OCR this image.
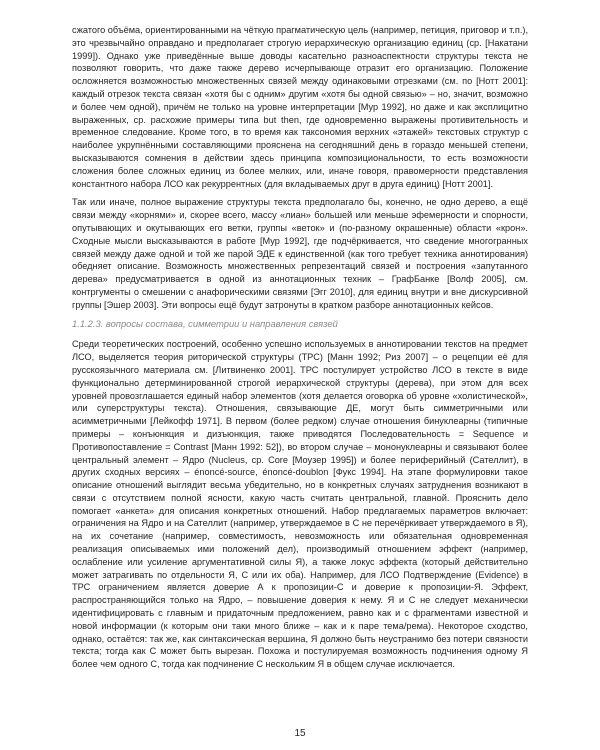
сжатого объёма, ориентированными на чёткую прагматическую цель (например, петиция, приговор и т.п.), это чрезвычайно оправдано и предполагает строгую иерархическую организацию единиц (ср. [Накатани 1999]). Однако уже приведённые выше доводы касательно разноаспектности структуры текста не позволяют говорить, что даже также дерево исчерпывающе отразит его организацию. Положение осложняется возможностью множественных связей между одинаковыми отрезками (см. по [Нотт 2001]: каждый отрезок текста связан «хотя бы с одним» другим «хотя бы одной связью» – но, значит, возможно и более чем одной), причём не только на уровне интерпретации [Мур 1992], но даже и как эксплицитно выраженных, ср. расхожие примеры типа but then, где одновременно выражены противительность и временное следование. Кроме того, в то время как таксономия верхних «этажей» текстовых структур с наиболее укрупнёнными составляющими прояснена на сегодняшний день в гораздо меньшей степени, высказываются сомнения в действии здесь принципа композициональности, то есть возможности сложения более сложных единиц из более мелких, или, иначе говоря, правомерности представления константного набора ЛСО как рекуррентных (для вкладываемых друг в друга единиц) [Нотт 2001].

Так или иначе, полное выражение структуры текста предполагало бы, конечно, не одно дерево, а ещё связи между «корнями» и, скорее всего, массу «лиан» большей или меньше эфемерности и спорности, опутывающих и окутывающих его ветки, группы «веток» и (по-разному окрашенные) области «крон». Сходные мысли высказываются в работе [Мур 1992], где подчёркивается, что сведение многогранных связей между даже одной и той же парой ЭДЕ к единственной (как того требует техника аннотирования) обедняет описание. Возможность множественных репрезентаций связей и построения «запутанного дерева» предусматривается в одной из аннотационных техник – ГрафБанке [Волф 2005], см. контргументы о смешении с анафорическими связями [Эгг 2010], для единиц внутри и вне дискурсивной группы [Эшер 2003]. Эти вопросы ещё будут затронуты в кратком разборе аннотационных кейсов.

1.1.2.3. вопросы состава, симметрии и направления связей

Среди теоретических построений, особенно успешно используемых в аннотировании текстов на предмет ЛСО, выделяется теория риторической структуры (ТРС) [Манн 1992; Риз 2007] – о рецепции её для русскоязычного материала см. [Литвиненко 2001]. ТРС постулирует устройство ЛСО в тексте в виде функционально детерминированной строгой иерархической структуры (дерева), при этом для всех уровней провозглашается единый набор элементов (хотя делается оговорка об уровне «холистической», или суперструктуры текста). Отношения, связывающие ДЕ, могут быть симметричными или асимметричными [Лейкофф 1971]. В первом (более редком) случае отношения бинуклеарны (типичные примеры – конъюнкция и дизъюнкция, также приводятся Последовательность = Sequence и Противопоставление = Contrast [Манн 1992: 52]), во втором случае – мононуклеарны и связывают более центральный элемент – Ядро (Nucleus, ср. Core [Моузер 1995]) и более периферийный (Сателлит), в других сходных версиях – énoncé-source, énoncé-doublon [Фукс 1994]. На этапе формулировки такое описание отношений выглядит весьма убедительно, но в конкретных случаях затруднения возникают в связи с отсутствием полной ясности, какую часть считать центральной, главной. Прояснить дело помогает «анкета» для описания конкретных отношений. Набор предлагаемых параметров включает: ограничения на Ядро и на Сателлит (например, утверждаемое в С не перечёркивает утверждаемого в Я), на их сочетание (например, совместимость, невозможность или обязательная одновременная реализация описываемых ими положений дел), производимый отношением эффект (например, ослабление или усиление аргументативной силы Я), а также локус эффекта (который действительно может затрагивать по отдельности Я, С или их оба). Например, для ЛСО Подтверждение (Evidence) в ТРС ограничением является доверие А к пропозиции-С и доверие к пропозиции-Я. Эффект, распространяющийся только на Ядро, – повышение доверия к нему. Я и С не следует механически идентифицировать с главным и придаточным предложением, равно как и с фрагментами известной и новой информации (к которым они таки много ближе – как и к паре тема/рема). Некоторое сходство, однако, остаётся: так же, как синтаксическая вершина, Я должно быть неустранимо без потери связности текста; тогда как С может быть вырезан. Похожа и постулируемая возможность подчинения одному Я более чем одного С, тогда как подчинение С нескольким Я в общем случае исключается.

15
